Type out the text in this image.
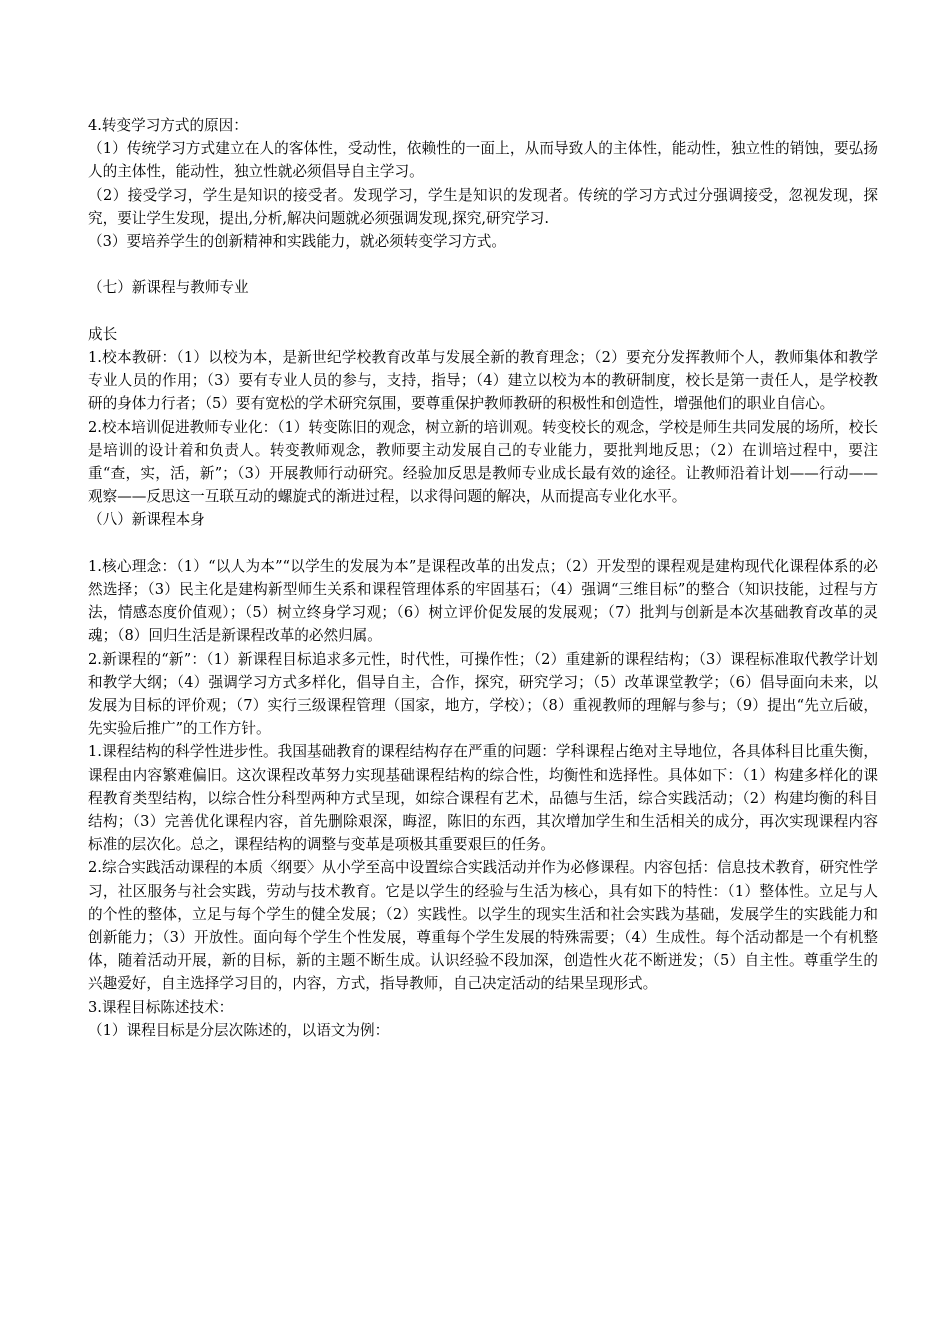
4.转变学习方式的原因：

（1）传统学习方式建立在人的客体性，受动性，依赖性的一面上，从而导致人的主体性，能动性，独立性的销蚀，要弘扬人的主体性，能动性，独立性就必须倡导自主学习。

（2）接受学习，学生是知识的接受者。发现学习，学生是知识的发现者。传统的学习方式过分强调接受，忽视发现，探究，要让学生发现，提出,分析,解决问题就必须强调发现,探究,研究学习.

（3）要培养学生的创新精神和实践能力，就必须转变学习方式。

（七）新课程与教师专业

成长

1.校本教研：（1）以校为本，是新世纪学校教育改革与发展全新的教育理念；（2）要充分发挥教师个人，教师集体和教学专业人员的作用；（3）要有专业人员的参与，支持，指导；（4）建立以校为本的教研制度，校长是第一责任人，是学校教研的身体力行者；（5）要有宽松的学术研究氛围，要尊重保护教师教研的积极性和创造性，增强他们的职业自信心。

2.校本培训促进教师专业化：（1）转变陈旧的观念，树立新的培训观。转变校长的观念，学校是师生共同发展的场所，校长是培训的设计着和负责人。转变教师观念，教师要主动发展自己的专业能力，要批判地反思；（2）在训培过程中，要注重“查，实，活，新”；（3）开展教师行动研究。经验加反思是教师专业成长最有效的途径。让教师沿着计划——行动——观察——反思这一互联互动的螺旋式的渐进过程，以求得问题的解决，从而提高专业化水平。

（八）新课程本身

1.核心理念：（1）“以人为本”“以学生的发展为本”是课程改革的出发点；（2）开发型的课程观是建构现代化课程体系的必然选择；（3）民主化是建构新型师生关系和课程管理体系的牢固基石；（4）强调“三维目标”的整合（知识技能，过程与方法，情感态度价值观）；（5）树立终身学习观；（6）树立评价促发展的发展观；（7）批判与创新是本次基础教育改革的灵魂；（8）回归生活是新课程改革的必然归属。

2.新课程的“新”：（1）新课程目标追求多元性，时代性，可操作性；（2）重建新的课程结构；（3）课程标准取代教学计划和教学大纲；（4）强调学习方式多样化，倡导自主，合作，探究，研究学习；（5）改革课堂教学；（6）倡导面向未来，以发展为目标的评价观；（7）实行三级课程管理（国家，地方，学校）；（8）重视教师的理解与参与；（9）提出“先立后破，先实验后推广”的工作方针。

1.课程结构的科学性进步性。我国基础教育的课程结构存在严重的问题：学科课程占绝对主导地位，各具体科目比重失衡，课程由内容繁难偏旧。这次课程改革努力实现基础课程结构的综合性，均衡性和选择性。具体如下：（1）构建多样化的课程教育类型结构，以综合性分科型两种方式呈现，如综合课程有艺术，品德与生活，综合实践活动；（2）构建均衡的科目结构；（3）完善优化课程内容，首先删除艰深，晦涩，陈旧的东西，其次增加学生和生活相关的成分，再次实现课程内容标准的层次化。总之，课程结构的调整与变革是项极其重要艰巨的任务。

2.综合实践活动课程的本质〈纲要〉从小学至高中设置综合实践活动并作为必修课程。内容包括：信息技术教育，研究性学习，社区服务与社会实践，劳动与技术教育。它是以学生的经验与生活为核心，具有如下的特性：（1）整体性。立足与人的个性的整体，立足与每个学生的健全发展；（2）实践性。以学生的现实生活和社会实践为基础，发展学生的实践能力和创新能力；（3）开放性。面向每个学生个性发展，尊重每个学生发展的特殊需要；（4）生成性。每个活动都是一个有机整体，随着活动开展，新的目标，新的主题不断生成。认识经验不段加深，创造性火花不断迸发；（5）自主性。尊重学生的兴趣爱好，自主选择学习目的，内容，方式，指导教师，自己决定活动的结果呈现形式。

3.课程目标陈述技术：

（1）课程目标是分层次陈述的，以语文为例：
